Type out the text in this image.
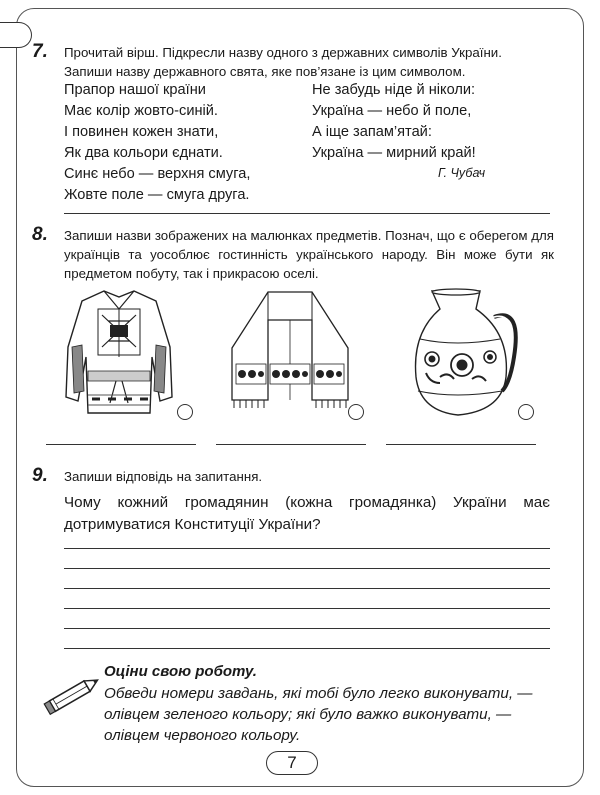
7. Прочитай вірш. Підкресли назву одного з державних символів України.
Запиши назву державного свята, яке пов’язане із цим символом.
Прапор нашої країни
Має колір жовто-синій.
І повинен кожен знати,
Як два кольори єднати.
Синє небо — верхня смуга,
Жовте поле — смуга друга.
Не забудь ніде й ніколи:
Україна — небо й поле,
А іще запам’ятай:
Україна — мирний край!
Г. Чубач
8. Запиши назви зображених на малюнках предметів. Познач, що є оберегом для українців та уособлює гостинність українського народу. Він може бути як предметом побуту, так і прикрасою оселі.
9. Запиши відповідь на запитання.
Чому кожний громадянин (кожна громадянка) України має дотримуватися Конституції України?
Оціни свою роботу.
Обведи номери завдань, які тобі було легко виконувати, —
олівцем зеленого кольору; які було важко виконувати, —
олівцем червоного кольору.
7
